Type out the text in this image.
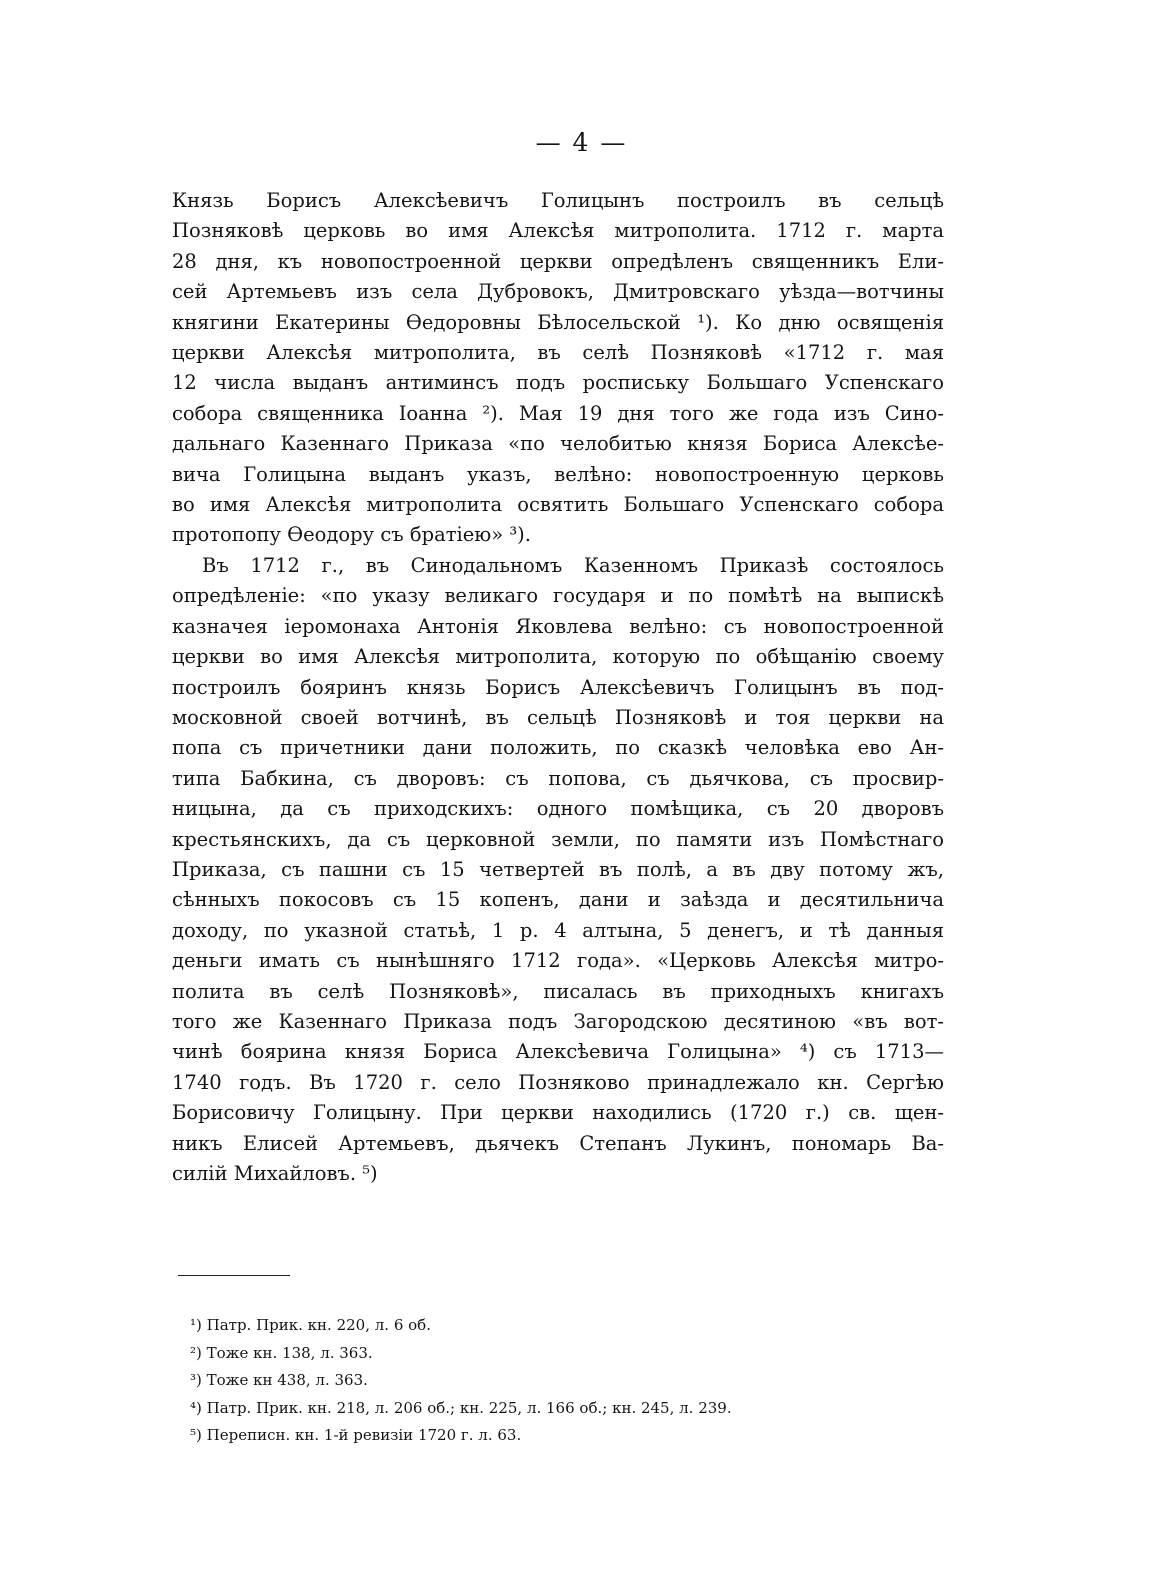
— 4 —
Князь Борисъ Алексѣевичъ Голицынъ построилъ въ сельцѣ
Позняковѣ церковь во имя Алексѣя митрополита. 1712 г. марта
28 дня, къ новопостроенной церкви опредѣленъ священникъ Ели-
сей Артемьевъ изъ села Дубровокъ, Дмитровскаго уѣзда—вотчины
княгини Екатерины Өедоровны Бѣлосельской ¹). Ко дню освященія
церкви Алексѣя митрополита, въ селѣ Позняковѣ «1712 г. мая
12 числа выданъ антиминсъ подъ роспиську Большаго Успенскаго
собора священника Іоанна ²). Мая 19 дня того же года изъ Сино-
дальнаго Казеннаго Приказа «по челобитью князя Бориса Алексѣе-
вича Голицына выданъ указъ, велѣно: новопостроенную церковь
во имя Алексѣя митрополита освятить Большаго Успенскаго собора
протопопу Өеодору съ братіею» ³).
Въ 1712 г., въ Синодальномъ Казенномъ Приказѣ состоялось
опредѣленіе: «по указу великаго государя и по помѣтѣ на выпискѣ
казначея іеромонаха Антонія Яковлева велѣно: съ новопостроенной
церкви во имя Алексѣя митрополита, которую по обѣщанію своему
построилъ бояринъ князь Борисъ Алексѣевичъ Голицынъ въ под-
московной своей вотчинѣ, въ сельцѣ Позняковѣ и тоя церкви на
попа съ причетники дани положить, по сказкѣ человѣка ево Ан-
типа Бабкина, съ дворовъ: съ попова, съ дьячкова, съ просвир-
ницына, да съ приходскихъ: одного помѣщика, съ 20 дворовъ
крестьянскихъ, да съ церковной земли, по памяти изъ Помѣстнаго
Приказа, съ пашни съ 15 четвертей въ полѣ, а въ дву потому жъ,
сѣнныхъ покосовъ съ 15 копенъ, дани и заѣзда и десятильнича
доходу, по указной статьѣ, 1 р. 4 алтына, 5 денегъ, и тѣ данныя
деньги имать съ нынѣшняго 1712 года». «Церковь Алексѣя митро-
полита въ селѣ Позняковѣ», писалась въ приходныхъ книгахъ
того же Казеннаго Приказа подъ Загородскою десятиною «въ вот-
чинѣ боярина князя Бориса Алексѣевича Голицына» ⁴) съ 1713—
1740 годъ. Въ 1720 г. село Позняково принадлежало кн. Сергѣю
Борисовичу Голицыну. При церкви находились (1720 г.) св. щен-
никъ Елисей Артемьевъ, дьячекъ Степанъ Лукинъ, пономарь Ва-
силій Михайловъ. ⁵)
¹) Патр. Прик. кн. 220, л. 6 об.
²) Тоже кн. 138, л. 363.
³) Тоже кн 438, л. 363.
⁴) Патр. Прик. кн. 218, л. 206 об.; кн. 225, л. 166 об.; кн. 245, л. 239.
⁵) Переписн. кн. 1-й ревизіи 1720 г. л. 63.
